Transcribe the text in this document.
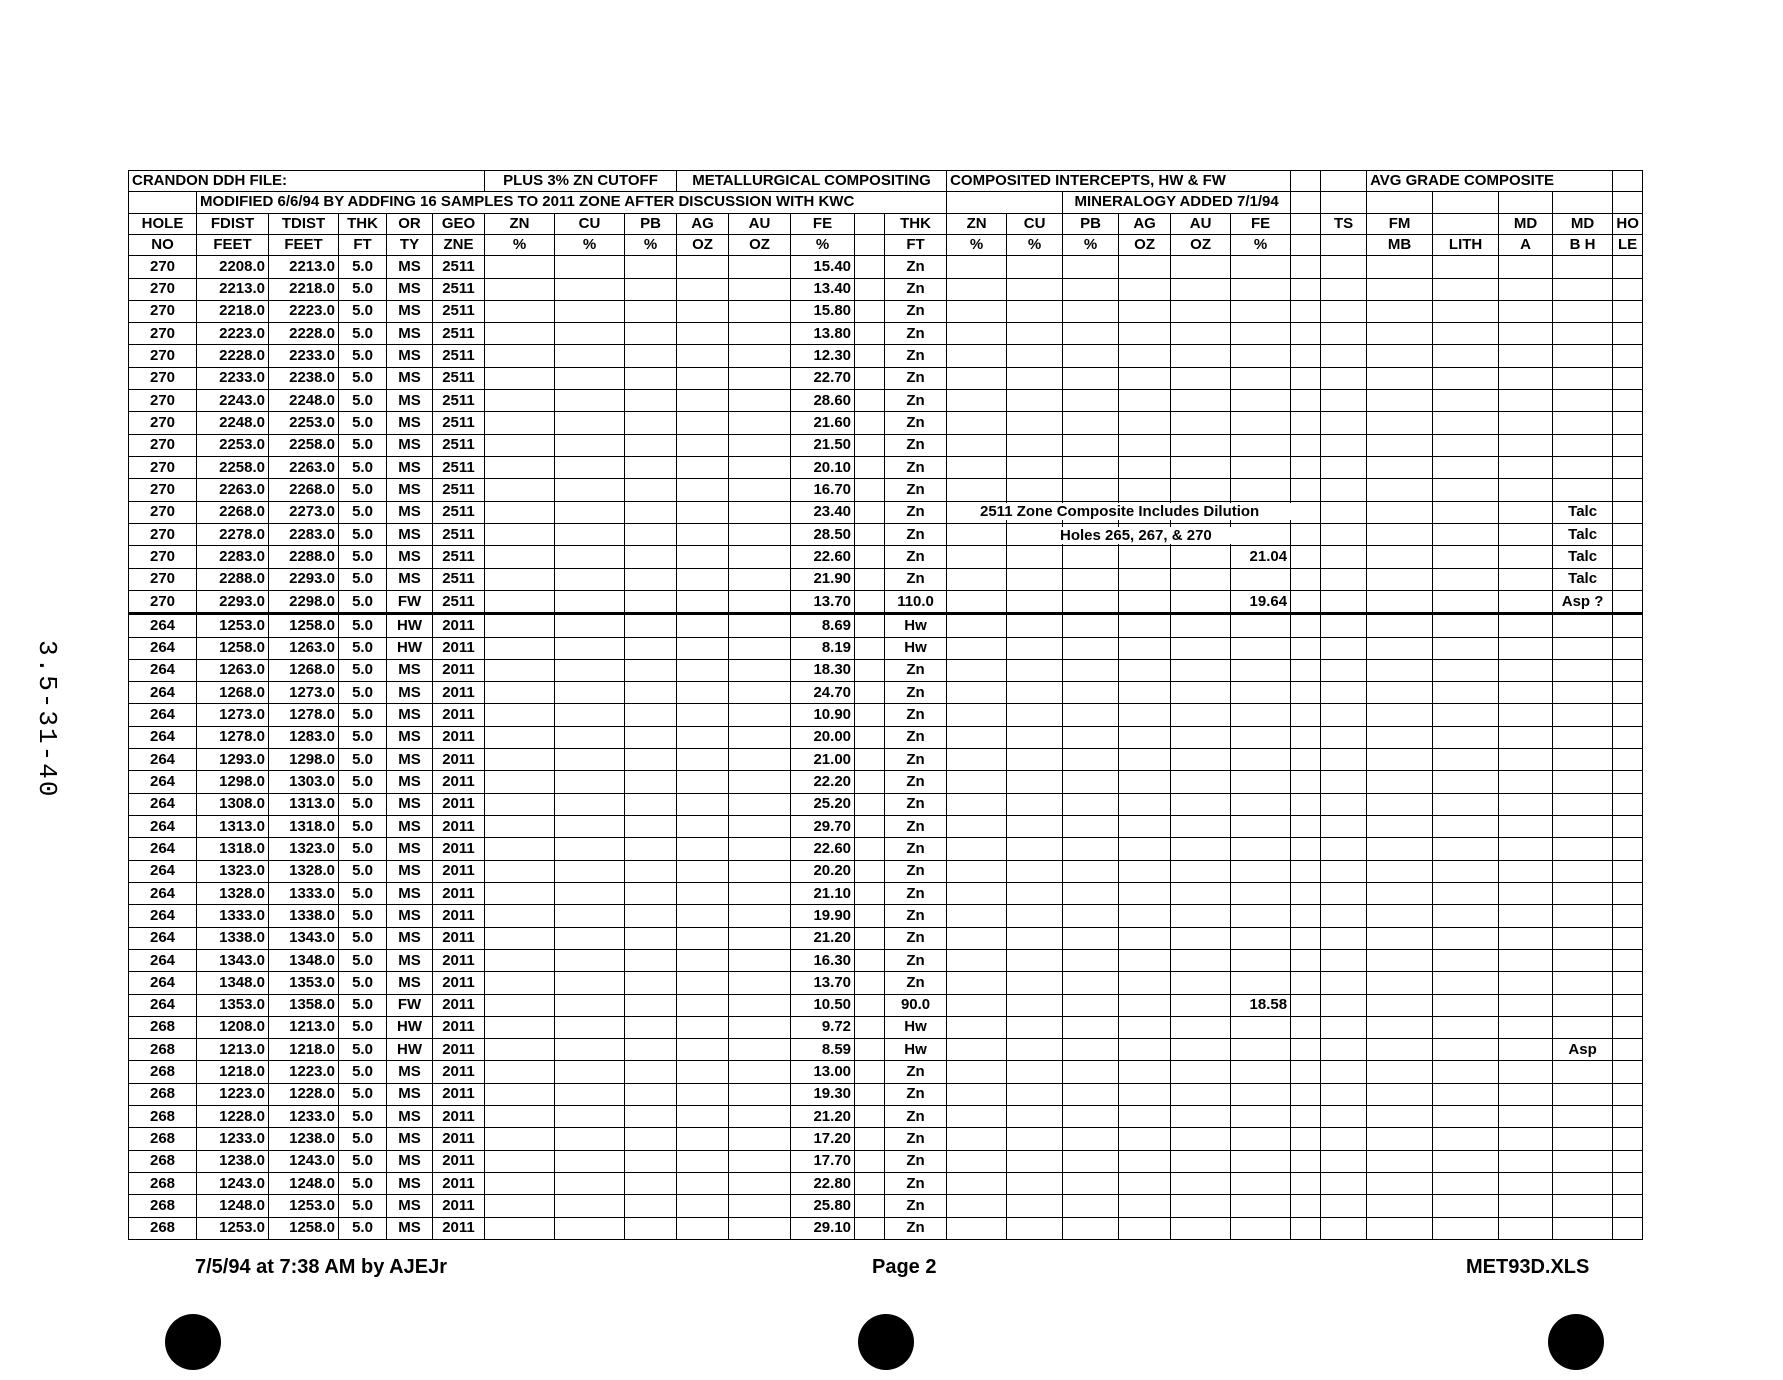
3.5-31-40
CRANDON DDH FILE:						PLUS 3% ZN CUTOFF			METALLURGICAL COMPOSITING					COMPOSITED INTERCEPTS, HW & FW								AVG GRADE COMPOSITE				
	MODIFIED 6/6/94 BY ADDFING 16 SAMPLES TO 2011 ZONE AFTER DISCUSSION WITH KWC															MINERALOGY ADDED 7/1/94										
HOLE	FDIST	TDIST	THK	OR	GEO	ZN	CU	PB	AG	AU	FE		THK	ZN	CU	PB	AG	AU	FE		TS	FM		MD	MD	HO
NO	FEET	FEET	FT	TY	ZNE	%	%	%	OZ	OZ	%		FT	%	%	%	OZ	OZ	%			MB	LITH	A	B H	LE
270	2208.0	2213.0	5.0	MS	2511						15.40		Zn													
270	2213.0	2218.0	5.0	MS	2511						13.40		Zn													
270	2218.0	2223.0	5.0	MS	2511						15.80		Zn													
270	2223.0	2228.0	5.0	MS	2511						13.80		Zn													
270	2228.0	2233.0	5.0	MS	2511						12.30		Zn													
270	2233.0	2238.0	5.0	MS	2511						22.70		Zn													
270	2243.0	2248.0	5.0	MS	2511						28.60		Zn													
270	2248.0	2253.0	5.0	MS	2511						21.60		Zn													
270	2253.0	2258.0	5.0	MS	2511						21.50		Zn													
270	2258.0	2263.0	5.0	MS	2511						20.10		Zn													
270	2263.0	2268.0	5.0	MS	2511						16.70		Zn													
270	2268.0	2273.0	5.0	MS	2511						23.40		Zn												Talc	
270	2278.0	2283.0	5.0	MS	2511						28.50		Zn												Talc	
270	2283.0	2288.0	5.0	MS	2511						22.60		Zn						21.04						Talc	
270	2288.0	2293.0	5.0	MS	2511						21.90		Zn												Talc	
270	2293.0	2298.0	5.0	FW	2511						13.70		110.0						19.64						Asp ?	
264	1253.0	1258.0	5.0	HW	2011						8.69		Hw													
264	1258.0	1263.0	5.0	HW	2011						8.19		Hw													
264	1263.0	1268.0	5.0	MS	2011						18.30		Zn													
264	1268.0	1273.0	5.0	MS	2011						24.70		Zn													
264	1273.0	1278.0	5.0	MS	2011						10.90		Zn													
264	1278.0	1283.0	5.0	MS	2011						20.00		Zn													
264	1293.0	1298.0	5.0	MS	2011						21.00		Zn													
264	1298.0	1303.0	5.0	MS	2011						22.20		Zn													
264	1308.0	1313.0	5.0	MS	2011						25.20		Zn													
264	1313.0	1318.0	5.0	MS	2011						29.70		Zn													
264	1318.0	1323.0	5.0	MS	2011						22.60		Zn													
264	1323.0	1328.0	5.0	MS	2011						20.20		Zn													
264	1328.0	1333.0	5.0	MS	2011						21.10		Zn													
264	1333.0	1338.0	5.0	MS	2011						19.90		Zn													
264	1338.0	1343.0	5.0	MS	2011						21.20		Zn													
264	1343.0	1348.0	5.0	MS	2011						16.30		Zn													
264	1348.0	1353.0	5.0	MS	2011						13.70		Zn													
264	1353.0	1358.0	5.0	FW	2011						10.50		90.0						18.58							
268	1208.0	1213.0	5.0	HW	2011						9.72		Hw													
268	1213.0	1218.0	5.0	HW	2011						8.59		Hw												Asp	
268	1218.0	1223.0	5.0	MS	2011						13.00		Zn													
268	1223.0	1228.0	5.0	MS	2011						19.30		Zn													
268	1228.0	1233.0	5.0	MS	2011						21.20		Zn													
268	1233.0	1238.0	5.0	MS	2011						17.20		Zn													
268	1238.0	1243.0	5.0	MS	2011						17.70		Zn													
268	1243.0	1248.0	5.0	MS	2011						22.80		Zn													
268	1248.0	1253.0	5.0	MS	2011						25.80		Zn													
268	1253.0	1258.0	5.0	MS	2011						29.10		Zn													
2511 Zone Composite Includes Dilution
Holes 265, 267, & 270
7/5/94 at 7:38 AM by AJEJr	Page 2	MET93D.XLS
